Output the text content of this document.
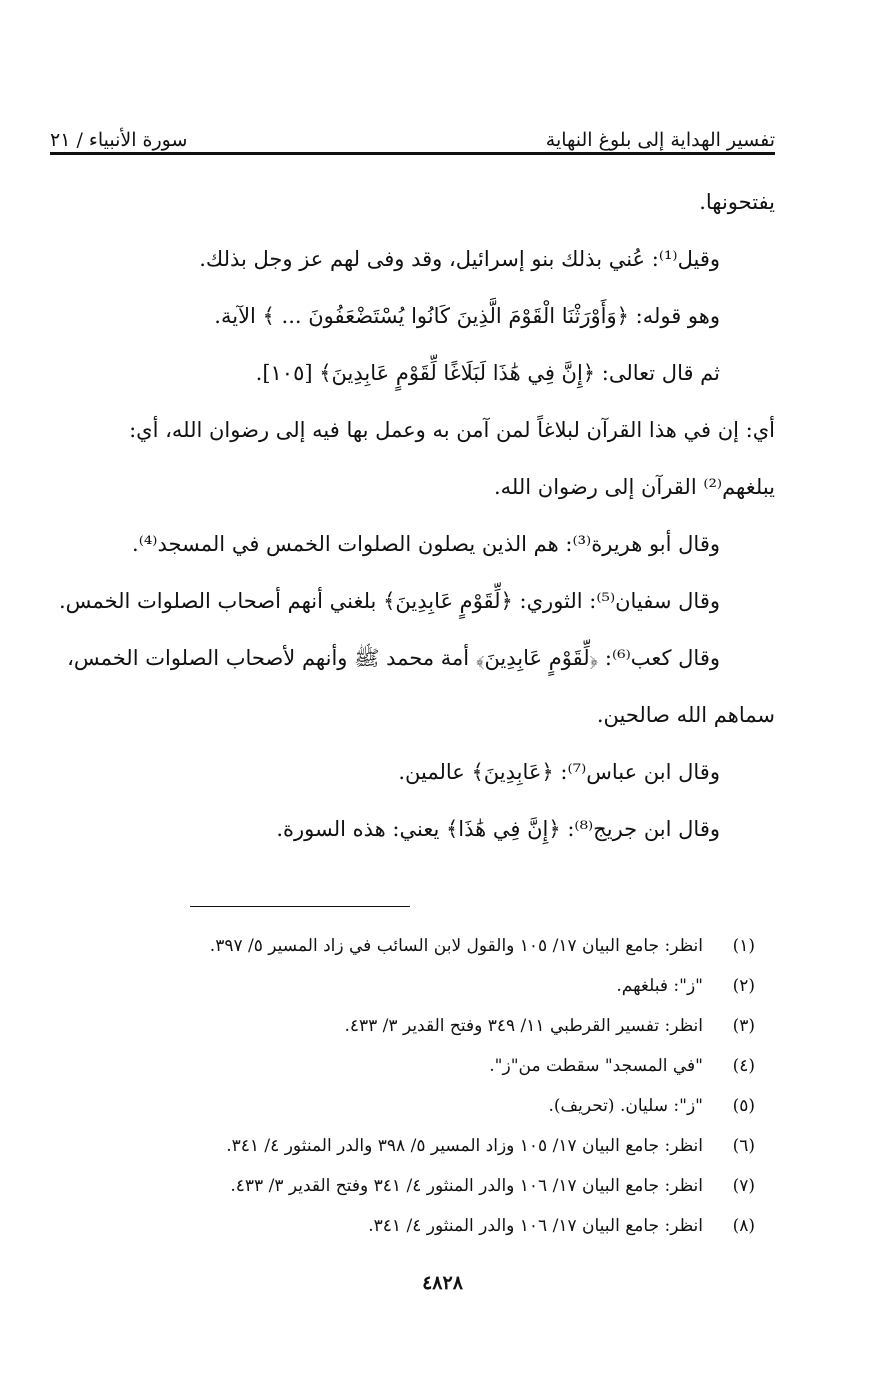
تفسير الهداية إلى بلوغ النهاية
سورة الأنبياء / ٢١
يفتحونها.
وقيل⁽¹⁾: عُني بذلك بنو إسرائيل، وقد وفى لهم عز وجل بذلك.
وهو قوله: ﴿وَأَوْرَثْنَا الْقَوْمَ الَّذِينَ كَانُوا يُسْتَضْعَفُونَ ... ﴾ الآية.
ثم قال تعالى: ﴿إِنَّ فِي هَٰذَا لَبَلَاغًا لِّقَوْمٍ عَابِدِينَ﴾ [١٠٥].
أي: إن في هذا القرآن لبلاغاً لمن آمن به وعمل بها فيه إلى رضوان الله، أي:
يبلغهم⁽²⁾ القرآن إلى رضوان الله.
وقال أبو هريرة⁽³⁾: هم الذين يصلون الصلوات الخمس في المسجد⁽⁴⁾.
وقال سفيان⁽⁵⁾: الثوري: ﴿لِّقَوْمٍ عَابِدِينَ﴾ بلغني أنهم أصحاب الصلوات الخمس.
وقال كعب⁽⁶⁾: ﴿لِّقَوْمٍ عَابِدِينَ﴾ أمة محمد ﷺ وأنهم لأصحاب الصلوات الخمس،
سماهم الله صالحين.
وقال ابن عباس⁽⁷⁾: ﴿عَابِدِينَ﴾ عالمين.
وقال ابن جريج⁽⁸⁾: ﴿إِنَّ فِي هَٰذَا﴾ يعني: هذه السورة.
(١)
انظر: جامع البيان ١٧/ ١٠٥ والقول لابن السائب في زاد المسير ٥/ ٣٩٧.
(٢)
"ز": فبلغهم.
(٣)
انظر: تفسير القرطبي ١١/ ٣٤٩ وفتح القدير ٣/ ٤٣٣.
(٤)
"في المسجد" سقطت من"ز".
(٥)
"ز": سليان. (تحريف).
(٦)
انظر: جامع البيان ١٧/ ١٠٥ وزاد المسير ٥/ ٣٩٨ والدر المنثور ٤/ ٣٤١.
(٧)
انظر: جامع البيان ١٧/ ١٠٦ والدر المنثور ٤/ ٣٤١ وفتح القدير ٣/ ٤٣٣.
(٨)
انظر: جامع البيان ١٧/ ١٠٦ والدر المنثور ٤/ ٣٤١.
٤٨٢٨
